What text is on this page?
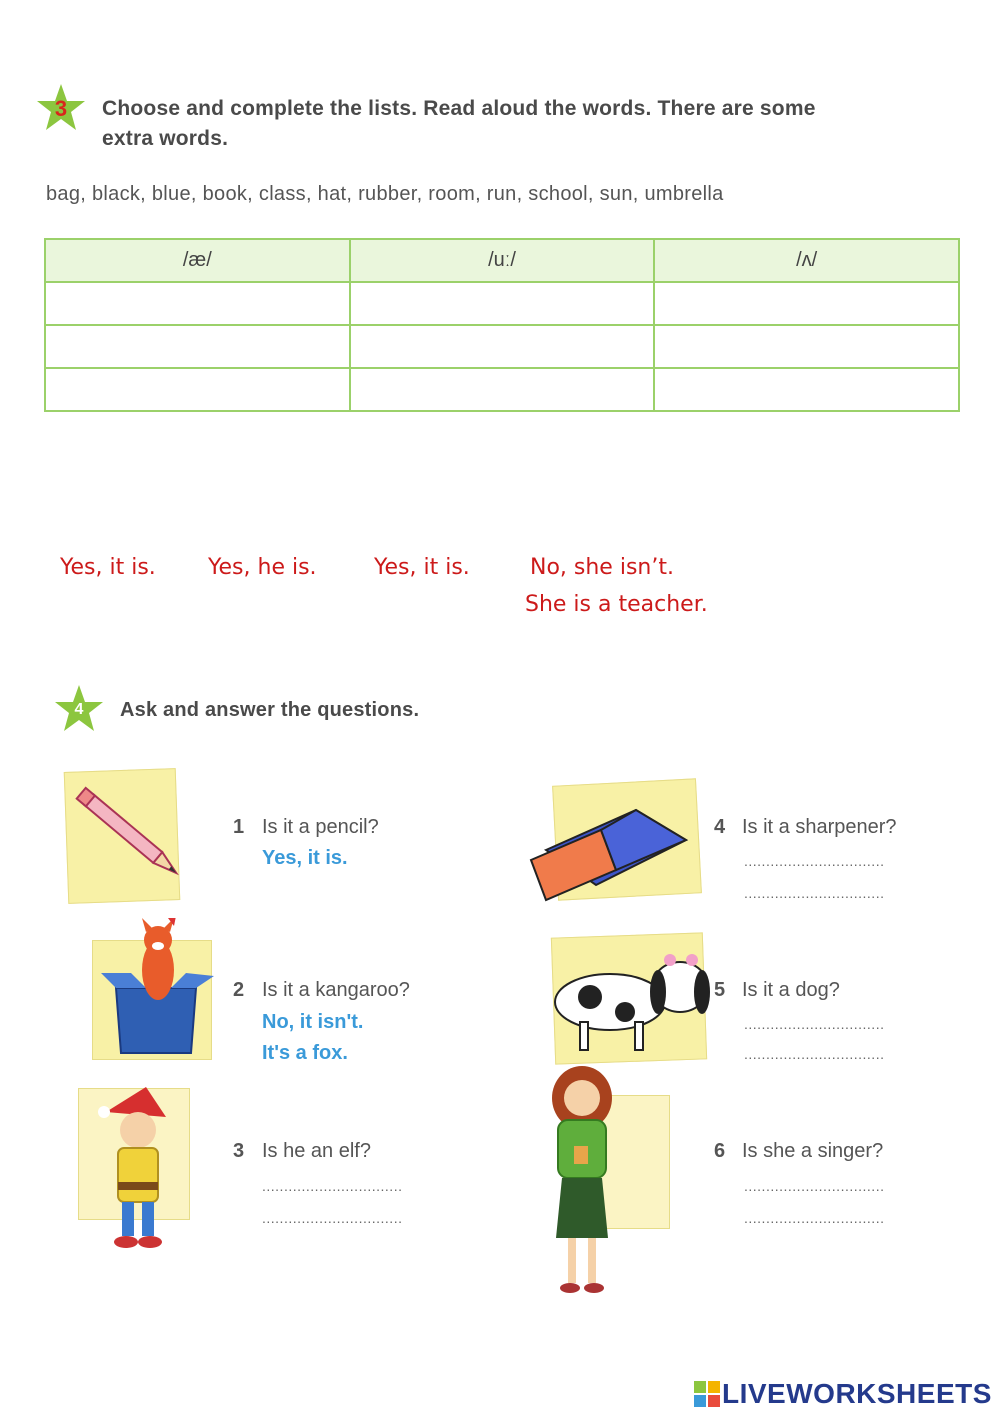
3	Choose and complete the lists. Read aloud the words. There are some
extra words.
bag, black, blue, book, class, hat, rubber, room, run, school, sun, umbrella
/æ/	/uː/	/ʌ/

Yes, it is. Yes, he is.	Yes, it is.	No, she isn’t.
She is a teacher.
4	Ask and answer the questions.
1 Is it a pencil?
Yes, it is.
2 Is it a kangaroo?
No, it isn't.
It's a fox.
3 Is he an elf?
................................
................................
4 Is it a sharpener?
................................
................................
5 Is it a dog?
................................
................................
6 Is she a singer?
................................
................................
LIVEWORKSHEETS
